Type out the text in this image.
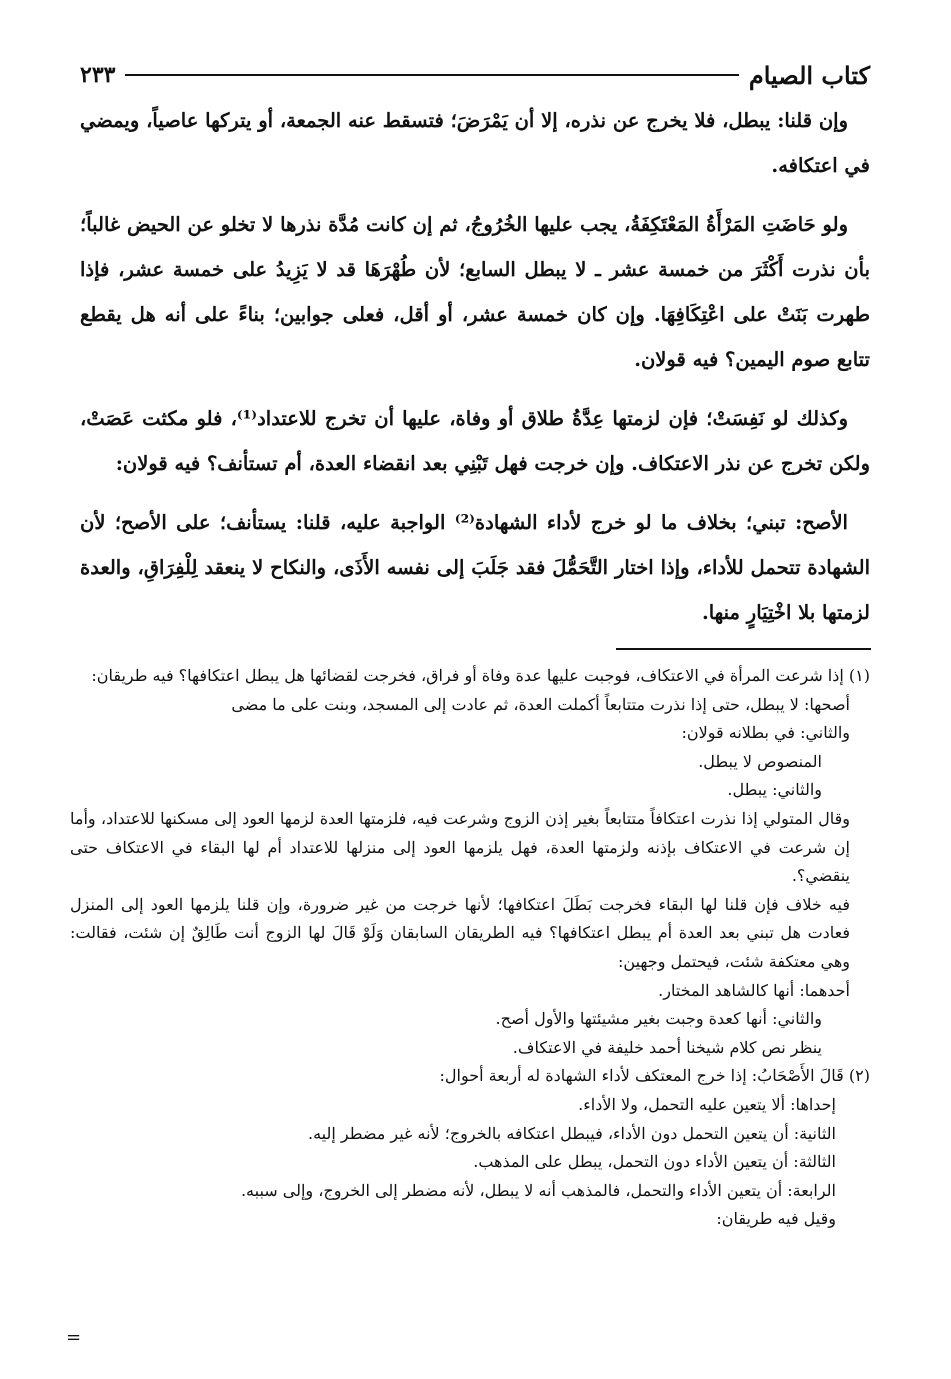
كتاب الصيام
٢٣٣

وإن قلنا: يبطل، فلا يخرج عن نذره، إلا أن يَمْرَضَ؛ فتسقط عنه الجمعة، أو يتركها عاصياً، ويمضي في اعتكافه.

ولو حَاضَتِ المَرْأَةُ المَعْتَكِفَةُ، يجب عليها الخُرُوجُ، ثم إن كانت مُدَّة نذرها لا تخلو عن الحيض غالباً؛ بأن نذرت أَكْثَرَ من خمسة عشر ـ لا يبطل السابع؛ لأن طُهْرَهَا قد لا يَزِيدُ على خمسة عشر، فإذا طهرت بَنَتْ على اعْتِكَافِهَا. وإن كان خمسة عشر، أو أقل، فعلى جوابين؛ بناءً على أنه هل يقطع تتابع صوم اليمين؟ فيه قولان.

وكذلك لو نَفِسَتْ؛ فإن لزمتها عِدَّةُ طلاق أو وفاة، عليها أن تخرج للاعتداد⁽¹⁾، فلو مكثت عَصَتْ، ولكن تخرج عن نذر الاعتكاف. وإن خرجت فهل تَبْنِي بعد انقضاء العدة، أم تستأنف؟ فيه قولان:

الأصح: تبني؛ بخلاف ما لو خرج لأداء الشهادة⁽²⁾ الواجبة عليه، قلنا: يستأنف؛ على الأصح؛ لأن الشهادة تتحمل للأداء، وإذا اختار التَّحَمُّلَ فقد جَلَبَ إلى نفسه الأَذَى، والنكاح لا ينعقد لِلْفِرَاقِ، والعدة لزمتها بلا اخْتِيَارٍ منها.

(١) إذا شرعت المرأة في الاعتكاف، فوجبت عليها عدة وفاة أو فراق، فخرجت لقضائها هل يبطل اعتكافها؟ فيه طريقان:

أصحها: لا يبطل، حتى إذا نذرت متتابعاً أكملت العدة، ثم عادت إلى المسجد، وبنت على ما مضى

والثاني: في بطلانه قولان:

المنصوص لا يبطل.

والثاني: يبطل.

وقال المتولي إذا نذرت اعتكافاً متتابعاً بغير إذن الزوج وشرعت فيه، فلزمتها العدة لزمها العود إلى مسكنها للاعتداد، وأما إن شرعت في الاعتكاف بإذنه ولزمتها العدة، فهل يلزمها العود إلى منزلها للاعتداد أم لها البقاء في الاعتكاف حتى ينقضي؟.

فيه خلاف فإن قلنا لها البقاء فخرجت بَطَلَ اعتكافها؛ لأنها خرجت من غير ضرورة، وإن قلنا يلزمها العود إلى المنزل فعادت هل تبني بعد العدة أم يبطل اعتكافها؟ فيه الطريقان السابقان وَلَوْ قَالَ لها الزوج أنت طَالِقٌ إن شئت، فقالت: وهي معتكفة شئت، فيحتمل وجهين:

أحدهما: أنها كالشاهد المختار.

والثاني: أنها كعدة وجبت بغير مشيئتها والأول أصح.

ينظر نص كلام شيخنا أحمد خليفة في الاعتكاف.

(٢) قَالَ الأَصْحَابُ: إذا خرج المعتكف لأداء الشهادة له أربعة أحوال:

إحداها: ألا يتعين عليه التحمل، ولا الأداء.

الثانية: أن يتعين التحمل دون الأداء، فيبطل اعتكافه بالخروج؛ لأنه غير مضطر إليه.

الثالثة: أن يتعين الأداء دون التحمل، يبطل على المذهب.

الرابعة: أن يتعين الأداء والتحمل، فالمذهب أنه لا يبطل، لأنه مضطر إلى الخروج، وإلى سببه.

وقيل فيه طريقان:

=
